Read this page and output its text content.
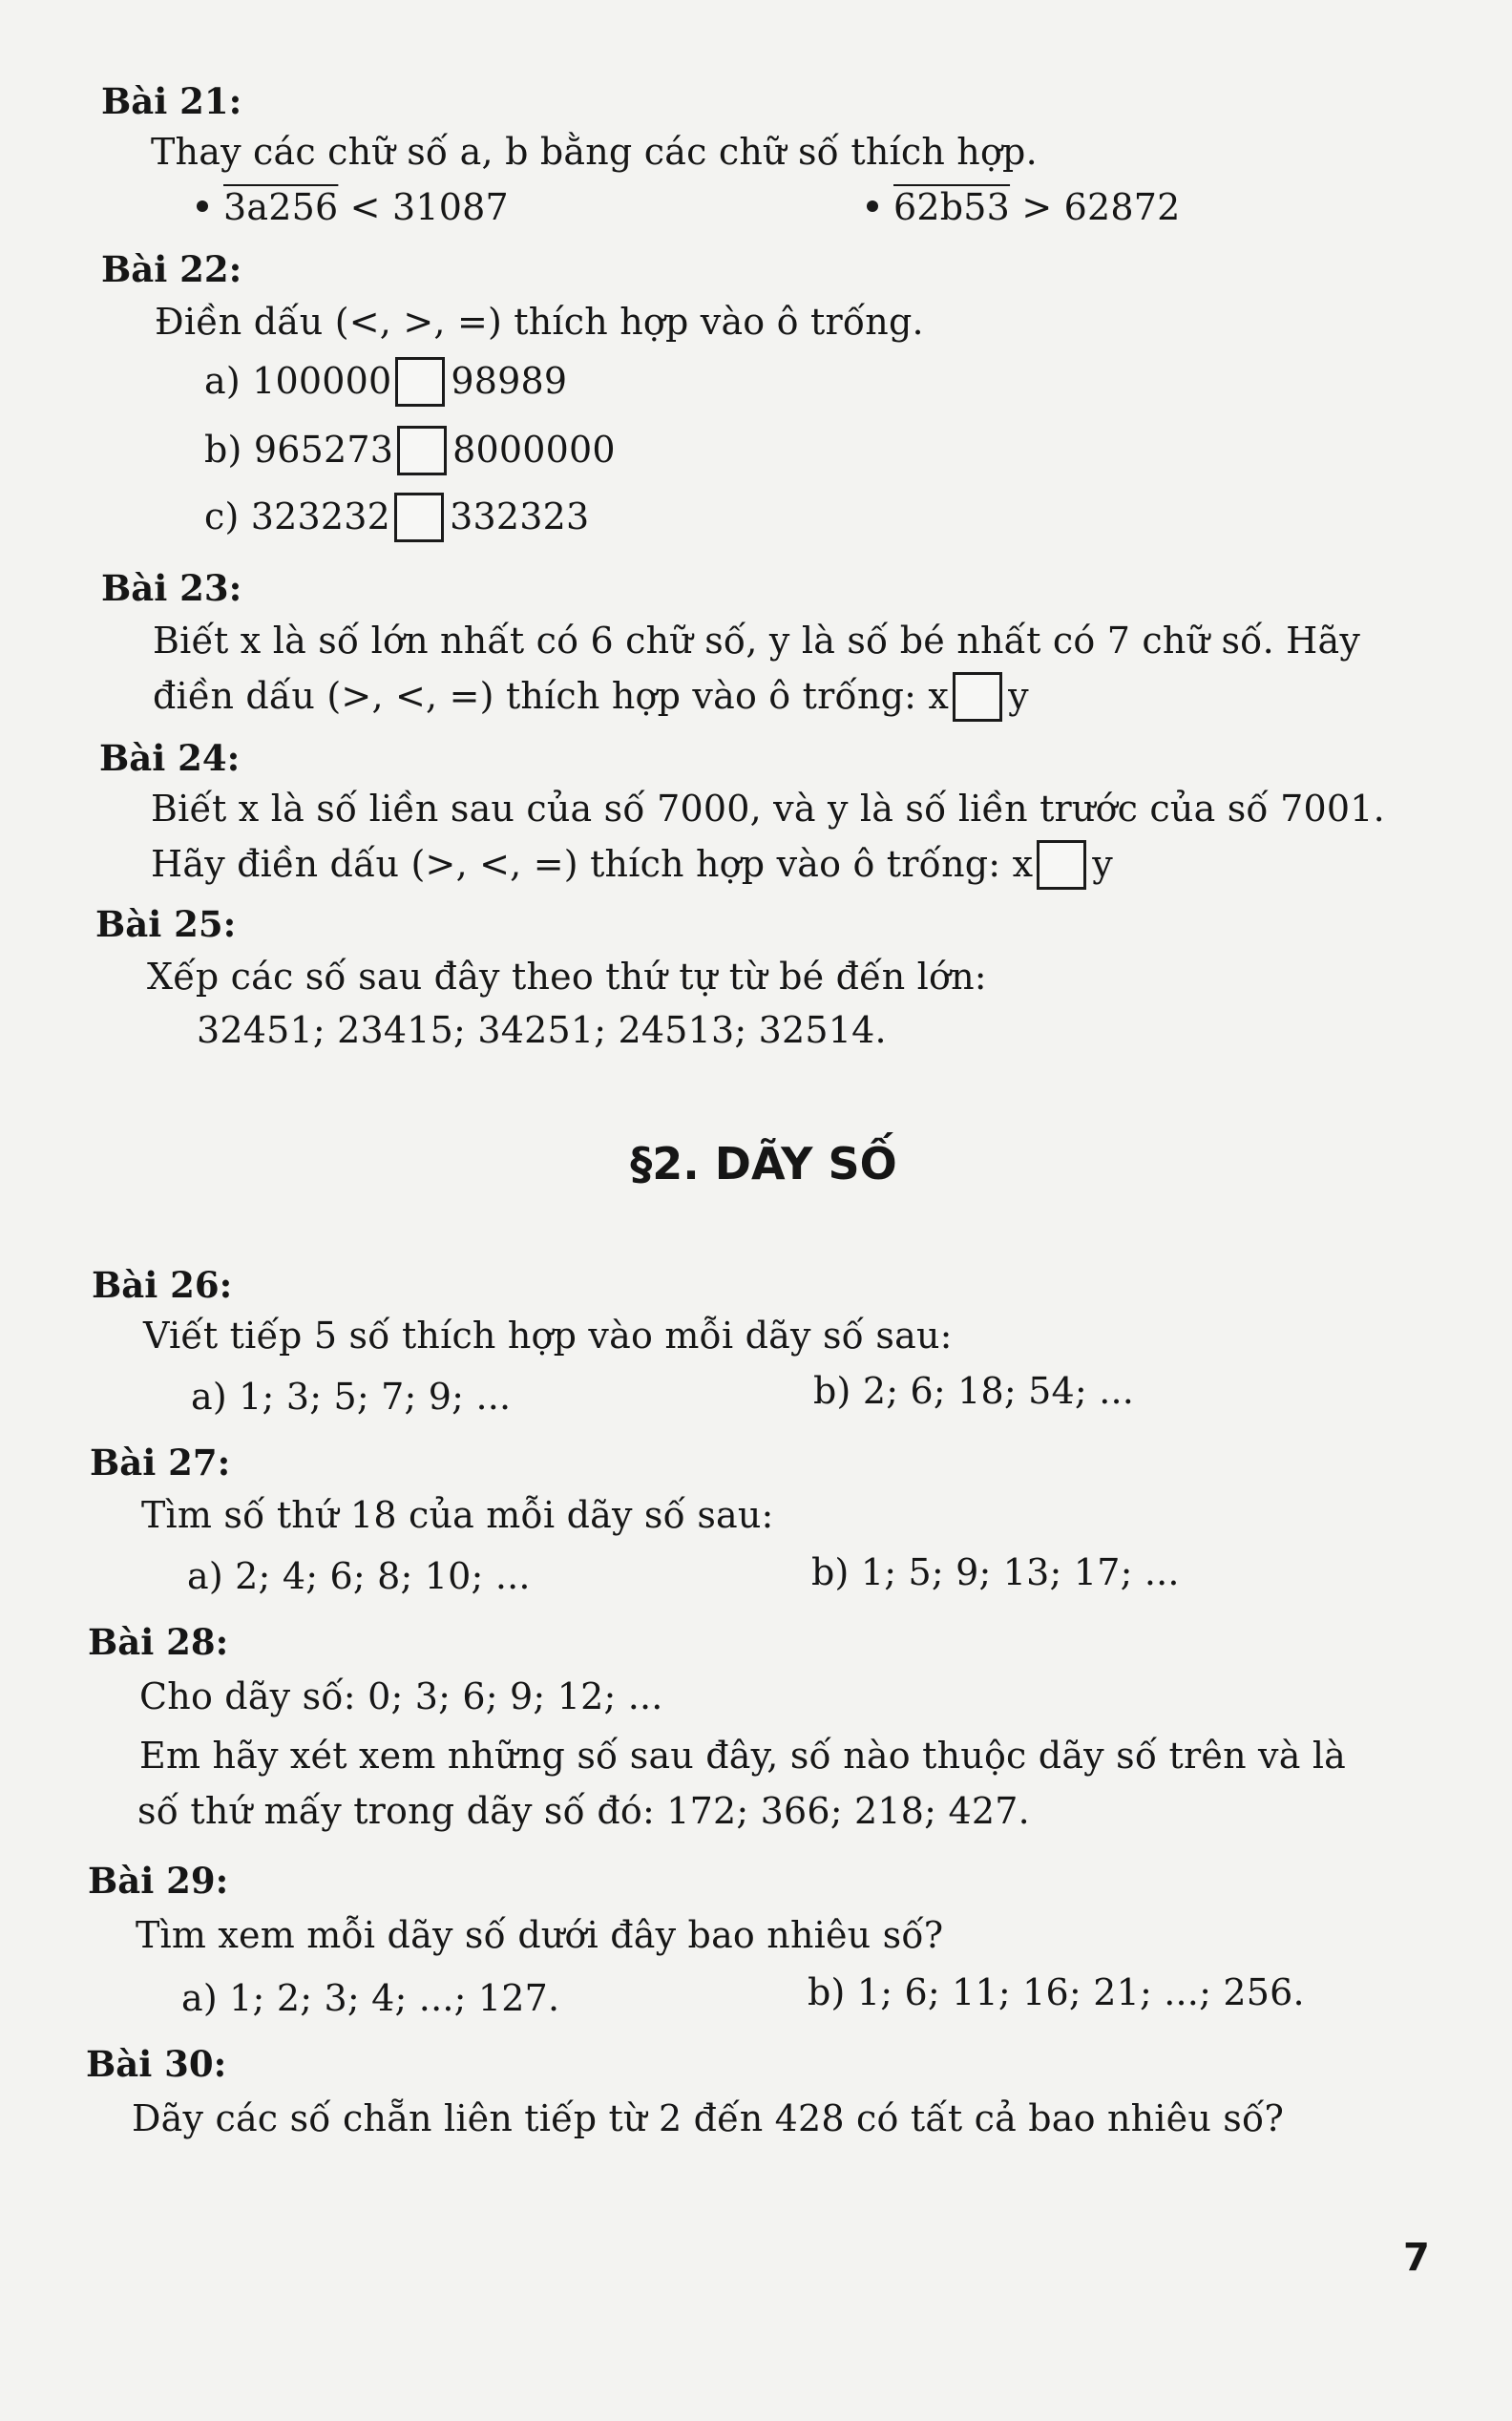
Bài 21:
Thay các chữ số a, b bằng các chữ số thích hợp.
3a256 < 31087	62b53 > 62872
Bài 22:
Điền dấu (<, >, =) thích hợp vào ô trống.
a) 100000 98989
b) 965273 8000000
c) 323232 332323
Bài 23:
Biết x là số lớn nhất có 6 chữ số, y là số bé nhất có 7 chữ số. Hãy
điền dấu (>, <, =) thích hợp vào ô trống: x y
Bài 24:
Biết x là số liền sau của số 7000, và y là số liền trước của số 7001.
Hãy điền dấu (>, <, =) thích hợp vào ô trống: x y
Bài 25:
Xếp các số sau đây theo thứ tự từ bé đến lớn:
32451; 23415; 34251; 24513; 32514.
§2. DÃY SỐ
Bài 26:
Viết tiếp 5 số thích hợp vào mỗi dãy số sau:
a) 1; 3; 5; 7; 9; ...	b) 2; 6; 18; 54; ...
Bài 27:
Tìm số thứ 18 của mỗi dãy số sau:
a) 2; 4; 6; 8; 10; ...	b) 1; 5; 9; 13; 17; ...
Bài 28:
Cho dãy số: 0; 3; 6; 9; 12; ...
Em hãy xét xem những số sau đây, số nào thuộc dãy số trên và là
số thứ mấy trong dãy số đó: 172; 366; 218; 427.
Bài 29:
Tìm xem mỗi dãy số dưới đây bao nhiêu số?
a) 1; 2; 3; 4; ...; 127.	b) 1; 6; 11; 16; 21; ...; 256.
Bài 30:
Dãy các số chẵn liên tiếp từ 2 đến 428 có tất cả bao nhiêu số?
7
